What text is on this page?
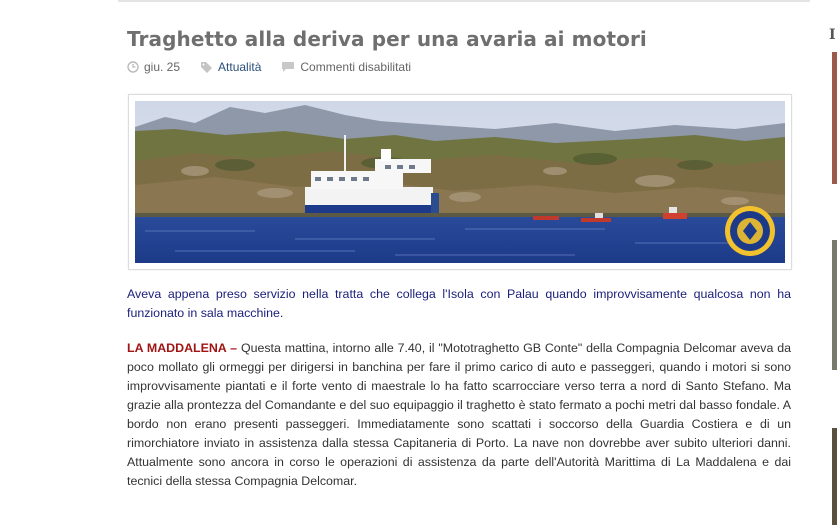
Traghetto alla deriva per una avaria ai motori
giu. 25	Attualità	Commenti disabilitati

Aveva appena preso servizio nella tratta che collega l'Isola con Palau quando improvvisamente qualcosa non ha funzionato in sala macchine.

LA MADDALENA – Questa mattina, intorno alle 7.40, il "Mototraghetto GB Conte" della Compagnia Delcomar aveva da poco mollato gli ormeggi per dirigersi in banchina per fare il primo carico di auto e passeggeri, quando i motori si sono improvvisamente piantati e il forte vento di maestrale lo ha fatto scarrocciare verso terra a nord di Santo Stefano. Ma grazie alla prontezza del Comandante e del suo equipaggio il traghetto è stato fermato a pochi metri dal basso fondale. A bordo non erano presenti passeggeri. Immediatamente sono scattati i soccorso della Guardia Costiera e di un rimorchiatore inviato in assistenza dalla stessa Capitaneria di Porto. La nave non dovrebbe aver subito ulteriori danni. Attualmente sono ancora in corso le operazioni di assistenza da parte dell'Autorità Marittima di La Maddalena e dai tecnici della stessa Compagnia Delcomar.

I
